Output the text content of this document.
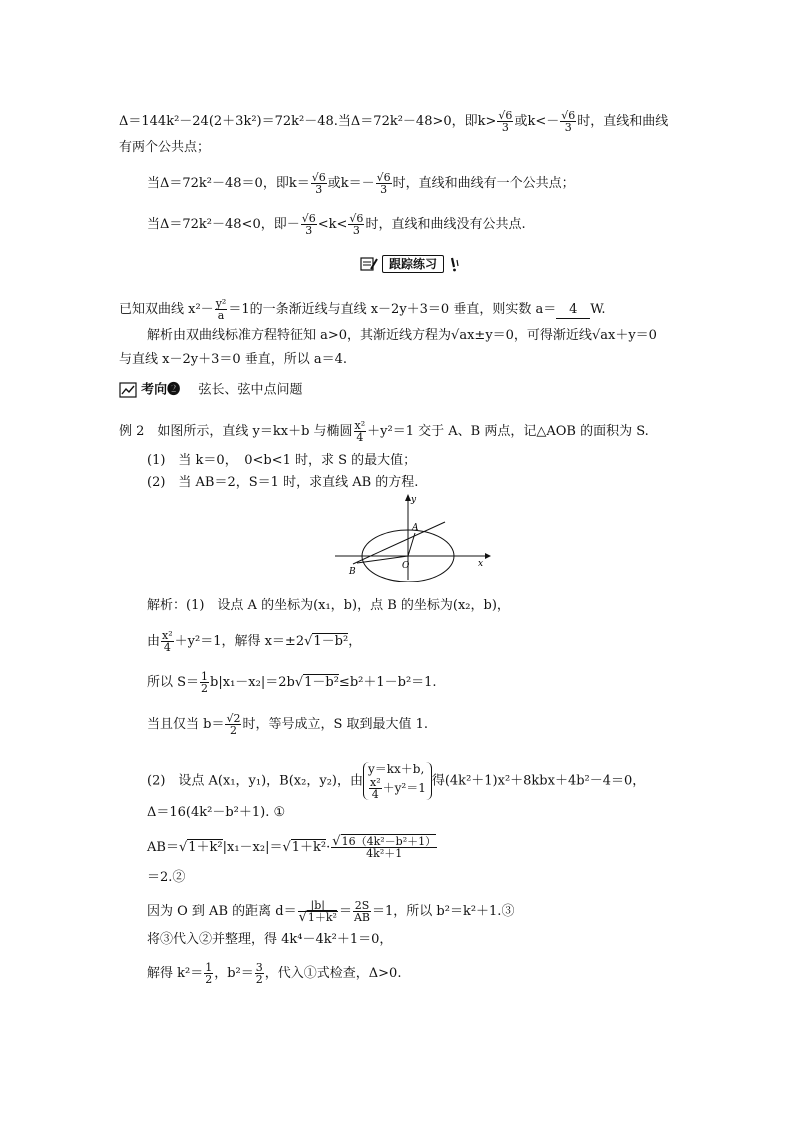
Δ＝144k²－24(2＋3k²)＝72k²－48.当Δ＝72k²－48>0，即$k> \frac{√6}{3}$ 或$k<- \frac{√6}{3}$ 时，直线和曲线
有两个公共点；
当Δ＝72k²－48＝0，即$k= \frac{√6}{3}$ 或$k=- \frac{√6}{3}$ 时，直线和曲线有一个公共点；
当Δ＝72k²－48<0，即－ $\frac{√6}{3} <k< \frac{√6}{3}$ 时，直线和曲线没有公共点.
跟踪练习
已知双曲线 $x^2- \frac{\text{y²}}{a} =1$的一条渐近线与直线 x－2y＋3＝0 垂直，则实数 a＝ 4 W.
解析由双曲线标准方程特征知 a>0，其渐近线方程为√ax±y＝0，可得渐近线√ax＋y＝0
与直线 x－2y＋3＝0 垂直，所以 a＝4.
考向❷ 弦长、弦中点问题
例 2　如图所示，直线 y＝kx＋b 与椭圆 $\frac{\text{x²}}{4} +y^2=1$ 交于 A、B 两点，记△AOB 的面积为 S.
(1)　当 k＝0，　0<b<1 时，求 S 的最大值；
(2)　当 AB＝2，S＝1 时，求直线 AB 的方程.
y
x
A
B
O
解析：(1)　设点 A 的坐标为(x₁，b)，点 B 的坐标为(x₂，b)，
由 $\frac{\text{x²}}{4} +y^2=1$，解得 x＝±2√1－b²，
所以 $S= \frac{1}{2} b|x_1-x_2|=2b√1-b^2\le b^2+1-b^2=1$.
当且仅当 $b= \frac{√2}{2}$ 时，等号成立，S 取到最大值 1.
(2)　设点 A(x₁，y₁)，B(x₂，y₂)，由
y＝kx＋b,
$\frac{\text{x²}}{4} +y^2=1$ 得(4k²＋1)x²＋8kbx＋4b²－4＝0，
Δ＝16(4k²－b²＋1). ①
$AB=√1+k^2|x_1-x_2|=√1+k^2\cdot \frac{\text{√16（4k²－b²＋1）}}{\text{4k²＋1}}$
＝2.②
因为 O 到 AB 的距离 $d= \frac{|b|}{\text{√1＋k²}} = \frac{2S}{AB} =1$，所以 b²＝k²＋1.③
将③代入②并整理，得 4k⁴－4k²＋1＝0，
解得 $k^2= \frac{1}{2}$ ，$b^2= \frac{3}{2}$ ，代入①式检查，Δ>0.
